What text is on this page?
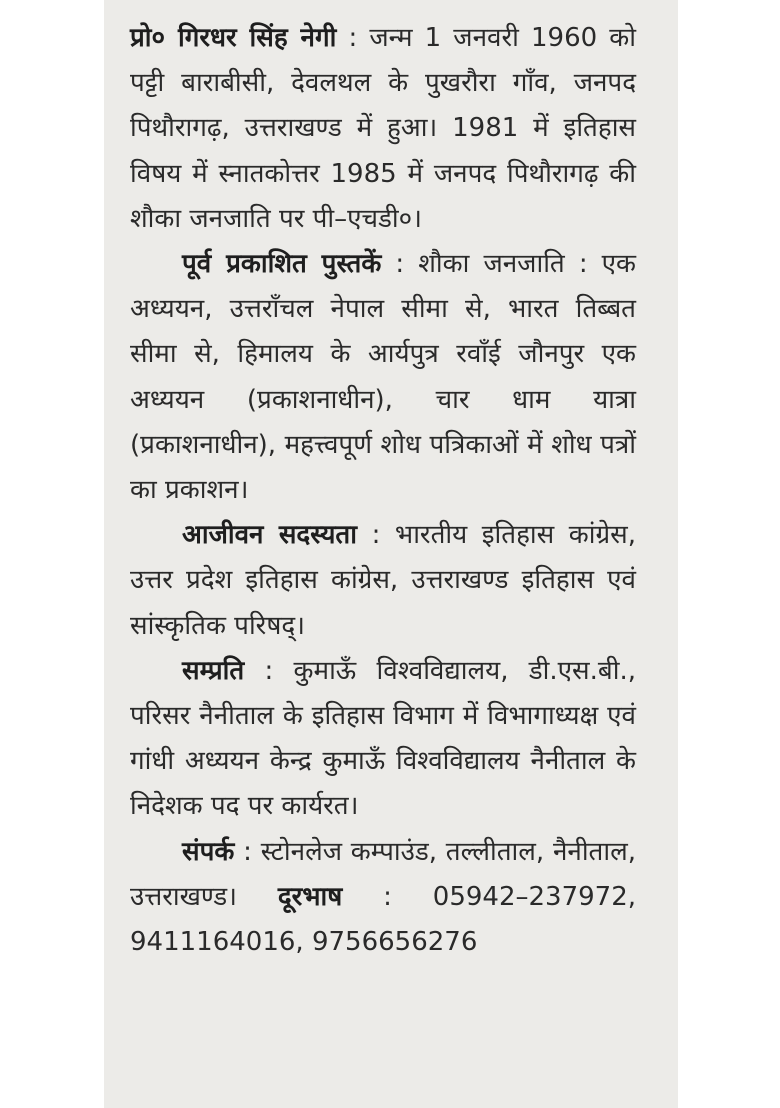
प्रो० गिरधर सिंह नेगी : जन्म 1 जनवरी 1960 को पट्टी बाराबीसी, देवलथल के पुखरौरा गाँव, जनपद पिथौरागढ़, उत्तराखण्ड में हुआ। 1981 में इतिहास विषय में स्नातकोत्तर 1985 में जनपद पिथौरागढ़ की शौका जनजाति पर पी–एचडी०।

पूर्व प्रकाशित पुस्तकें : शौका जनजाति : एक अध्ययन, उत्तराँचल नेपाल सीमा से, भारत तिब्बत सीमा से, हिमालय के आर्यपुत्र रवाँई जौनपुर एक अध्ययन (प्रकाशनाधीन), चार धाम यात्रा (प्रकाशनाधीन), महत्त्वपूर्ण शोध पत्रिकाओं में शोध पत्रों का प्रकाशन।

आजीवन सदस्यता : भारतीय इतिहास कांग्रेस, उत्तर प्रदेश इतिहास कांग्रेस, उत्तराखण्ड इतिहास एवं सांस्कृतिक परिषद्।

सम्प्रति : कुमाऊँ विश्वविद्यालय, डी.एस.बी., परिसर नैनीताल के इतिहास विभाग में विभागाध्यक्ष एवं गांधी अध्ययन केन्द्र कुमाऊँ विश्वविद्यालय नैनीताल के निदेशक पद पर कार्यरत।

संपर्क : स्टोनलेज कम्पाउंड, तल्लीताल, नैनीताल, उत्तराखण्ड। दूरभाष : 05942–237972, 9411164016, 9756656276
